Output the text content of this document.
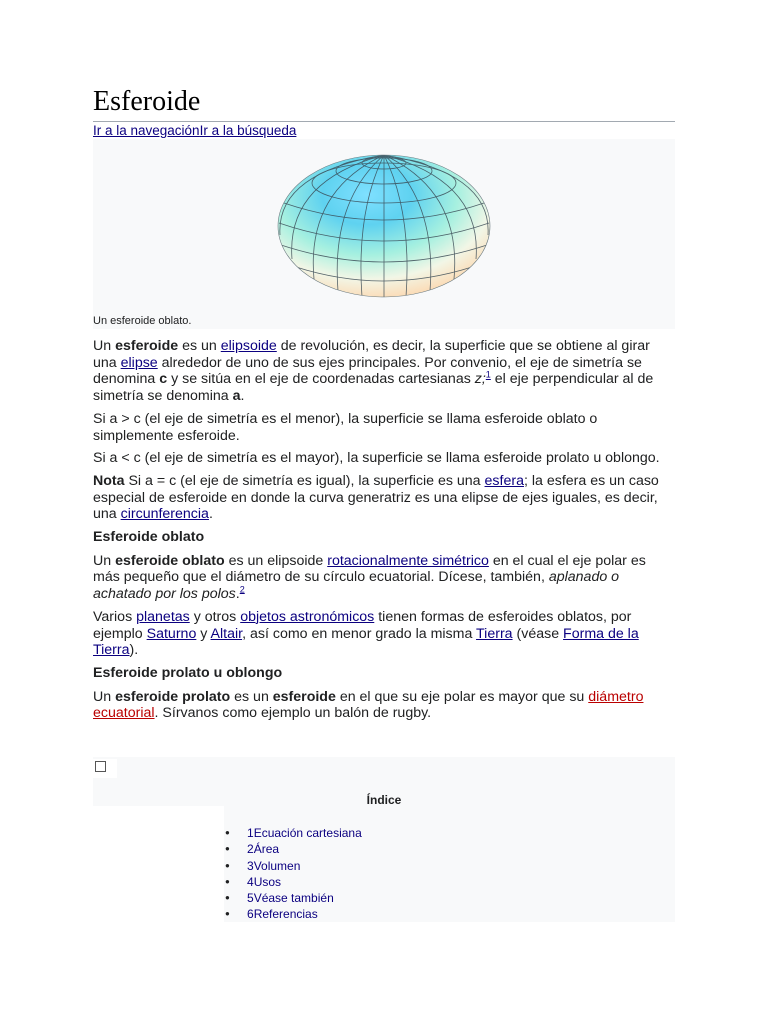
Esferoide
Ir a la navegaciónIr a la búsqueda
Un esferoide oblato.

Un esferoide es un elipsoide de revolución, es decir, la superficie que se obtiene al girar una elipse alrededor de uno de sus ejes principales. Por convenio, el eje de simetría se denomina c y se sitúa en el eje de coordenadas cartesianas z;$^1$ el eje perpendicular al de simetría se denomina a.

Si a > c (el eje de simetría es el menor), la superficie se llama esferoide oblato o simplemente esferoide.

Si a < c (el eje de simetría es el mayor), la superficie se llama esferoide prolato u oblongo.

Nota Si a = c (el eje de simetría es igual), la superficie es una esfera; la esfera es un caso especial de esferoide en donde la curva generatriz es una elipse de ejes iguales, es decir, una circunferencia.

Esferoide oblato

Un esferoide oblato es un elipsoide rotacionalmente simétrico en el cual el eje polar es más pequeño que el diámetro de su círculo ecuatorial. Dícese, también, aplanado o achatado por los polos.$^2$

Varios planetas y otros objetos astronómicos tienen formas de esferoides oblatos, por ejemplo Saturno y Altair, así como en menor grado la misma Tierra (véase Forma de la Tierra).

Esferoide prolato u oblongo

Un esferoide prolato es un esferoide en el que su eje polar es mayor que su diámetro ecuatorial. Sírvanos como ejemplo un balón de rugby.

Índice
● 1Ecuación cartesiana
● 2Área
● 3Volumen
● 4Usos
● 5Véase también
● 6Referencias
